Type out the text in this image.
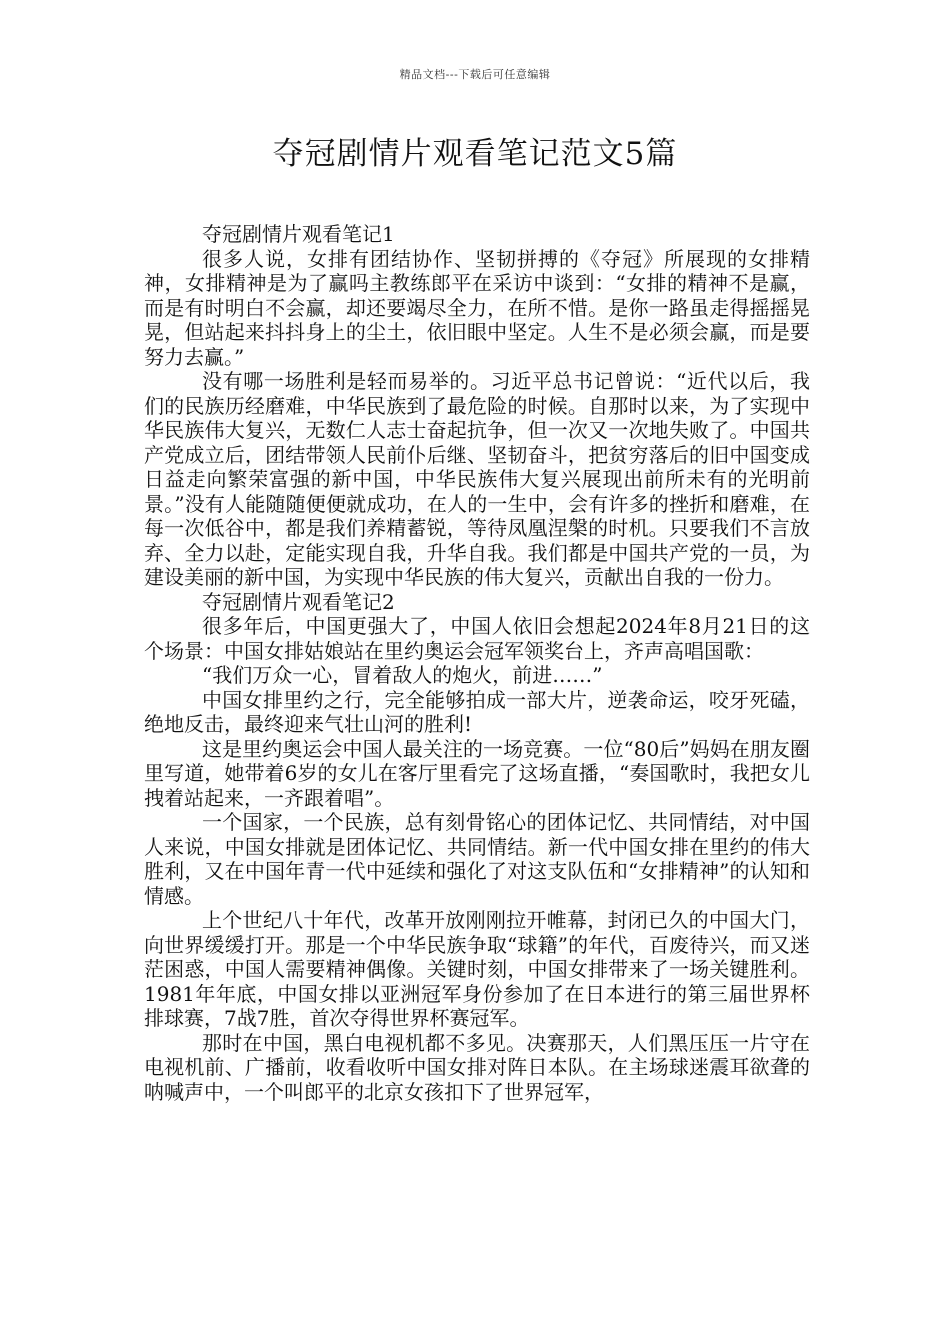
精品文档---下载后可任意编辑
夺冠剧情片观看笔记范文5篇

夺冠剧情片观看笔记1

很多人说，女排有团结协作、坚韧拼搏的《夺冠》所展现的女排精神，女排精神是为了赢吗主教练郎平在采访中谈到：“女排的精神不是赢，而是有时明白不会赢，却还要竭尽全力，在所不惜。是你一路虽走得摇摇晃晃，但站起来抖抖身上的尘土，依旧眼中坚定。人生不是必须会赢，而是要努力去赢。”

没有哪一场胜利是轻而易举的。习近平总书记曾说：“近代以后，我们的民族历经磨难，中华民族到了最危险的时候。自那时以来，为了实现中华民族伟大复兴，无数仁人志士奋起抗争，但一次又一次地失败了。中国共产党成立后，团结带领人民前仆后继、坚韧奋斗，把贫穷落后的旧中国变成日益走向繁荣富强的新中国，中华民族伟大复兴展现出前所未有的光明前景。”没有人能随随便便就成功，在人的一生中，会有许多的挫折和磨难，在每一次低谷中，都是我们养精蓄锐，等待凤凰涅槃的时机。只要我们不言放弃、全力以赴，定能实现自我，升华自我。我们都是中国共产党的一员，为建设美丽的新中国，为实现中华民族的伟大复兴，贡献出自我的一份力。

夺冠剧情片观看笔记2

很多年后，中国更强大了，中国人依旧会想起2024年8月21日的这个场景：中国女排姑娘站在里约奥运会冠军领奖台上，齐声高唱国歌：

“我们万众一心，冒着敌人的炮火，前进……”

中国女排里约之行，完全能够拍成一部大片，逆袭命运，咬牙死磕，绝地反击，最终迎来气壮山河的胜利!

这是里约奥运会中国人最关注的一场竞赛。一位“80后”妈妈在朋友圈里写道，她带着6岁的女儿在客厅里看完了这场直播，“奏国歌时，我把女儿拽着站起来，一齐跟着唱”。

一个国家，一个民族，总有刻骨铭心的团体记忆、共同情结，对中国人来说，中国女排就是团体记忆、共同情结。新一代中国女排在里约的伟大胜利，又在中国年青一代中延续和强化了对这支队伍和“女排精神”的认知和情感。

上个世纪八十年代，改革开放刚刚拉开帷幕，封闭已久的中国大门，向世界缓缓打开。那是一个中华民族争取“球籍”的年代，百废待兴，而又迷茫困惑，中国人需要精神偶像。关键时刻，中国女排带来了一场关键胜利。1981年年底，中国女排以亚洲冠军身份参加了在日本进行的第三届世界杯排球赛，7战7胜，首次夺得世界杯赛冠军。

那时在中国，黑白电视机都不多见。决赛那天，人们黑压压一片守在电视机前、广播前，收看收听中国女排对阵日本队。在主场球迷震耳欲聋的呐喊声中，一个叫郎平的北京女孩扣下了世界冠军，
